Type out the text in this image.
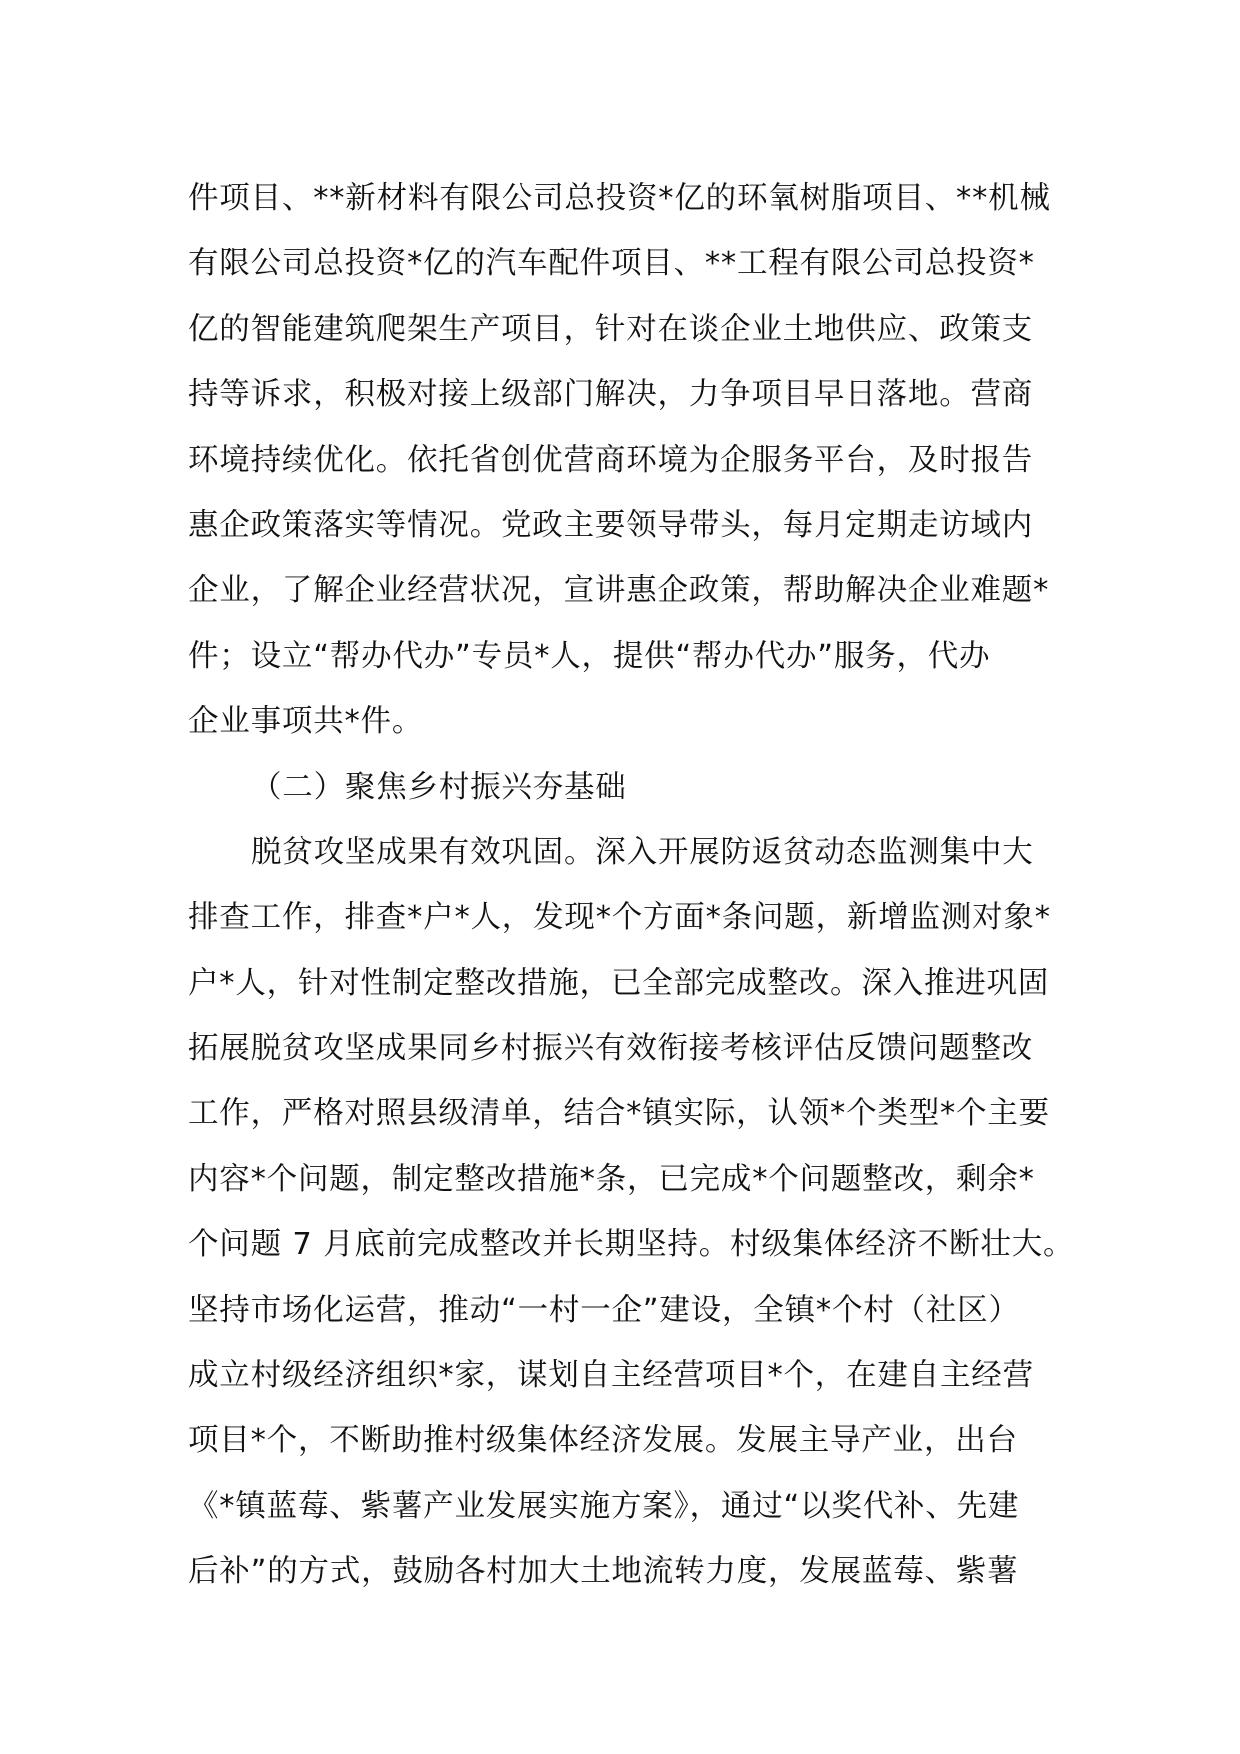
件项目、**新材料有限公司总投资*亿的环氧树脂项目、**机械
有限公司总投资*亿的汽车配件项目、**工程有限公司总投资*
亿的智能建筑爬架生产项目，针对在谈企业土地供应、政策支
持等诉求，积极对接上级部门解决，力争项目早日落地。营商
环境持续优化。依托省创优营商环境为企服务平台，及时报告
惠企政策落实等情况。党政主要领导带头，每月定期走访域内
企业，了解企业经营状况，宣讲惠企政策，帮助解决企业难题*
件；设立“帮办代办”专员*人，提供“帮办代办”服务，代办
企业事项共*件。
（二）聚焦乡村振兴夯基础
脱贫攻坚成果有效巩固。深入开展防返贫动态监测集中大
排查工作，排查*户*人，发现*个方面*条问题，新增监测对象*
户*人，针对性制定整改措施，已全部完成整改。深入推进巩固
拓展脱贫攻坚成果同乡村振兴有效衔接考核评估反馈问题整改
工作，严格对照县级清单，结合*镇实际，认领*个类型*个主要
内容*个问题，制定整改措施*条，已完成*个问题整改，剩余*
个问题 7 月底前完成整改并长期坚持。村级集体经济不断壮大。
坚持市场化运营，推动“一村一企”建设，全镇*个村（社区）
成立村级经济组织*家，谋划自主经营项目*个，在建自主经营
项目*个，不断助推村级集体经济发展。发展主导产业，出台
《*镇蓝莓、紫薯产业发展实施方案》，通过“以奖代补、先建
后补”的方式，鼓励各村加大土地流转力度，发展蓝莓、紫薯
